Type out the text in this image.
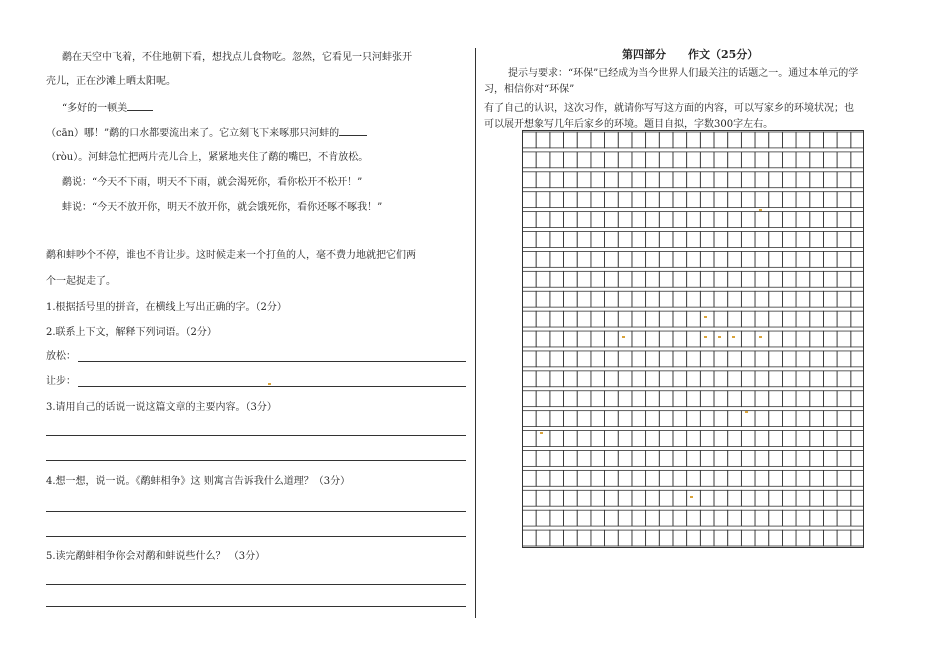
鹬在天空中飞着，不住地朝下看，想找点儿食物吃。忽然，它看见一只河蚌张开
壳儿，正在沙滩上晒太阳呢。
“多好的一顿美
（cān）哪！”鹬的口水都要流出来了。它立刻飞下来啄那只河蚌的
（ròu）。河蚌急忙把两片壳儿合上，紧紧地夹住了鹬的嘴巴，不肯放松。
鹬说：“今天不下雨，明天不下雨，就会渴死你，看你松开不松开！”
蚌说：“今天不放开你，明天不放开你，就会饿死你，看你还啄不啄我！”
鹬和蚌吵个不停，谁也不肯让步。这时候走来一个打鱼的人，毫不费力地就把它们两
个一起捉走了。
1.根据括号里的拼音，在横线上写出正确的字。（2分）
2.联系上下文，解释下列词语。（2分）
放松：
让步：
3.请用自己的话说一说这篇文章的主要内容。（3分）
4.想一想，说一说。《鹬蚌相争》这 则寓言告诉我什么道理？（3分）
5.读完鹬蚌相争你会对鹬和蚌说些什么？ （3分）
第四部分　　作文（25分）
提示与要求：“环保”已经成为当今世界人们最关注的话题之一。通过本单元的学
习，相信你对“环保”
有了自己的认识，这次习作，就请你写写这方面的内容，可以写家乡的环境状况；也
可以展开想象写几年后家乡的环境。题目自拟，字数300字左右。
